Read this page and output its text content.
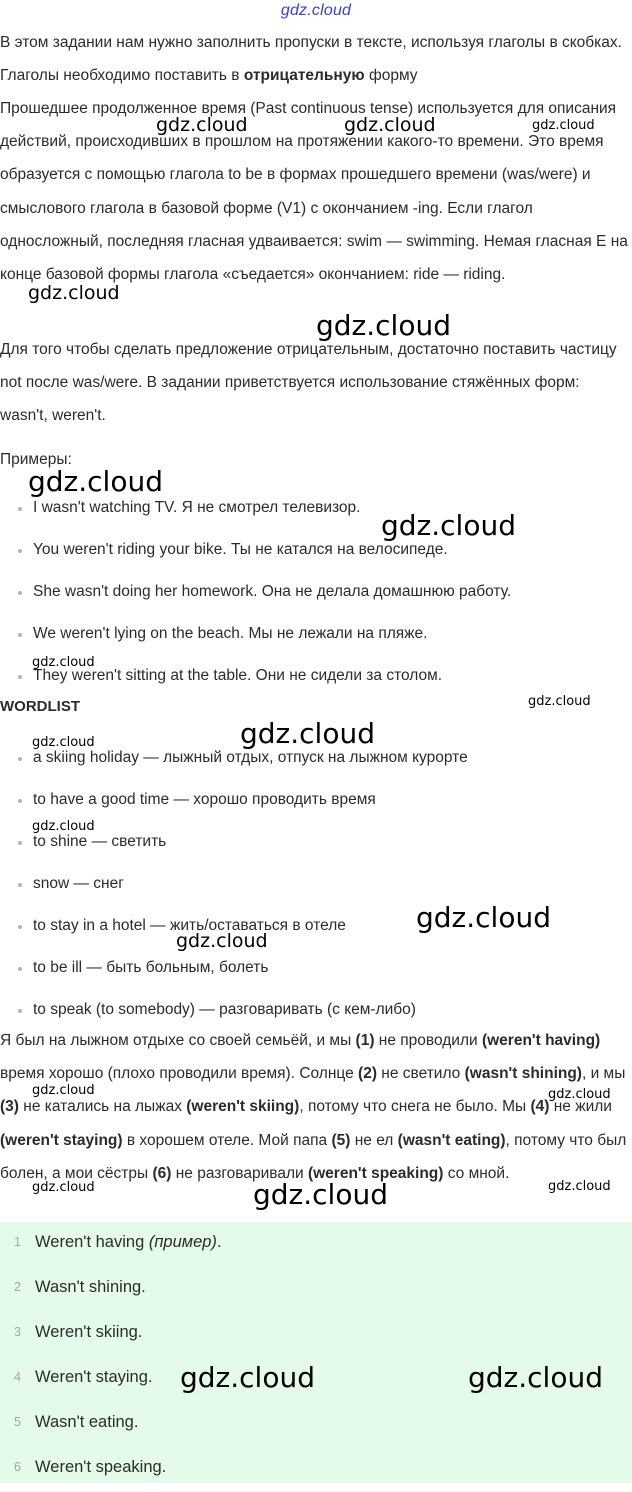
gdz.cloud

В этом задании нам нужно заполнить пропуски в тексте, используя глаголы в скобках. Глаголы необходимо поставить в отрицательную форму

Прошедшее продолженное время (Past continuous tense) используется для описания действий, происходивших в прошлом на протяжении какого-то времени. Это время образуется с помощью глагола to be в формах прошедшего времени (was/were) и смыслового глагола в базовой форме (V1) с окончанием -ing. Если глагол односложный, последняя гласная удваивается: swim — swimming. Немая гласная E на конце базовой формы глагола «съедается» окончанием: ride — riding.

Для того чтобы сделать предложение отрицательным, достаточно поставить частицу not после was/were. В задании приветствуется использование стяжённых форм: wasn't, weren't.

Примеры:

I wasn't watching TV. Я не смотрел телевизор.
You weren't riding your bike. Ты не катался на велосипеде.
She wasn't doing her homework. Она не делала домашнюю работу.
We weren't lying on the beach. Мы не лежали на пляже.
They weren't sitting at the table. Они не сидели за столом.
WORDLIST
a skiing holiday — лыжный отдых, отпуск на лыжном курорте
to have a good time — хорошо проводить время
to shine — светить
snow — снег
to stay in a hotel — жить/оставаться в отеле
to be ill — быть больным, болеть
to speak (to somebody) — разговаривать (с кем-либо)

Я был на лыжном отдыхе со своей семьёй, и мы (1) не проводили (weren't having) время хорошо (плохо проводили время). Солнце (2) не светило (wasn't shining), и мы (3) не катались на лыжах (weren't skiing), потому что снега не было. Мы (4) не жили (weren't staying) в хорошем отеле. Мой папа (5) не ел (wasn't eating), потому что был болен, а мои сёстры (6) не разговаривали (weren't speaking) со мной.

1 Weren't having (пример).
2 Wasn't shining.
3 Weren't skiing.
4 Weren't staying.
5 Wasn't eating.
6 Weren't speaking.
gdz.cloud	gdz.cloud	gdz.cloud
gdz.cloud
gdz.cloud
gdz.cloud
gdz.cloud
gdz.cloud
gdz.cloud
gdz.cloud
gdz.cloud
gdz.cloud
gdz.cloud
gdz.cloud
gdz.cloud	gdz.cloud
gdz.cloud	gdz.cloud	gdz.cloud
gdz.cloud	gdz.cloud
